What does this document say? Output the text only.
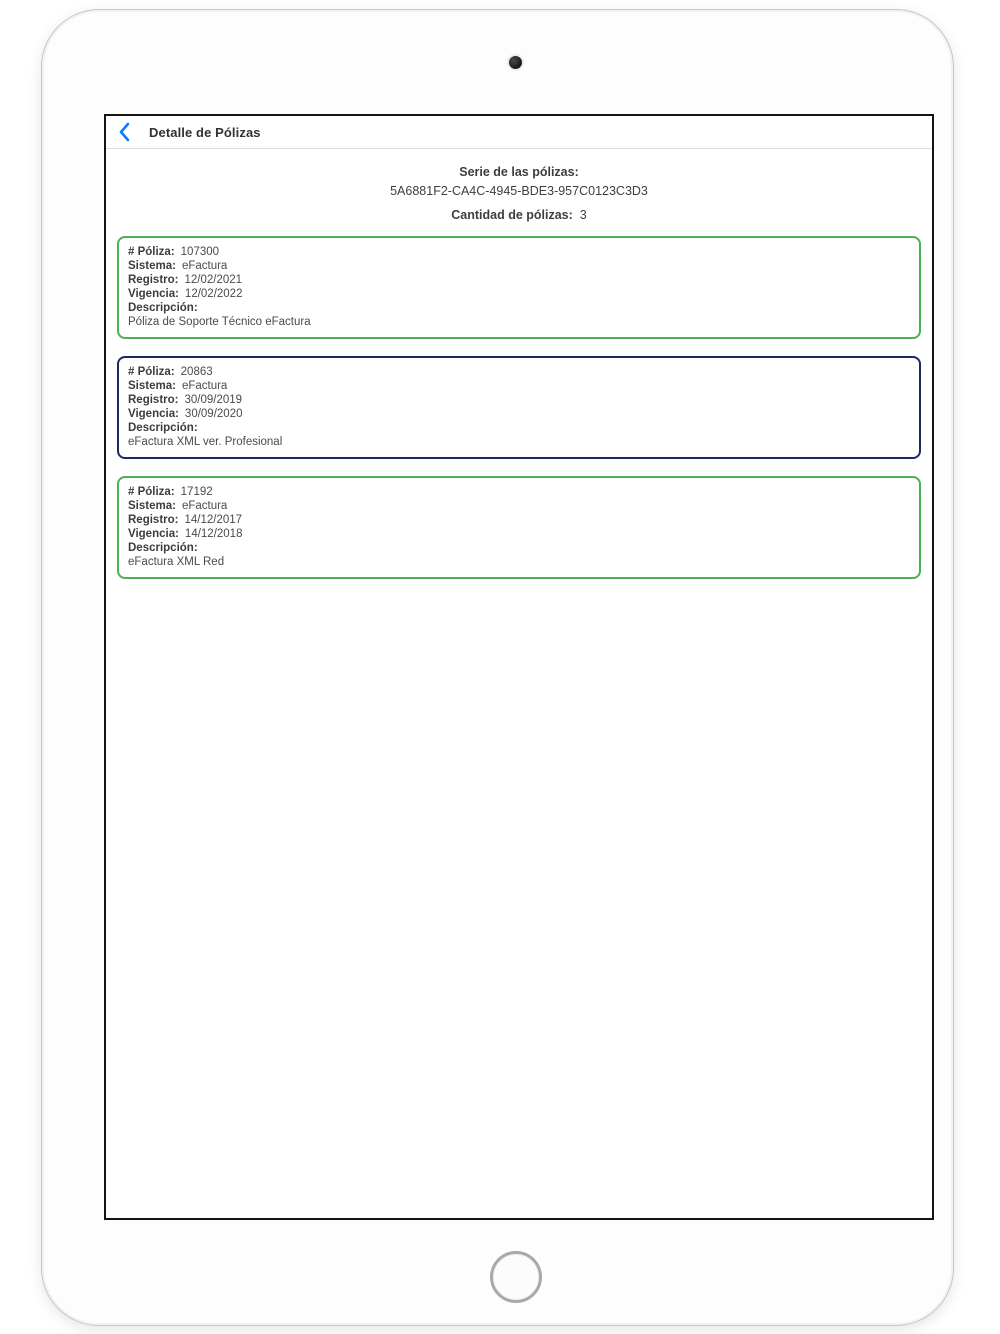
Detalle de Pólizas
Serie de las pólizas:
5A6881F2-CA4C-4945-BDE3-957C0123C3D3
Cantidad de pólizas: 3
# Póliza: 107300
Sistema: eFactura
Registro: 12/02/2021
Vigencia: 12/02/2022
Descripción:
Póliza de Soporte Técnico eFactura
# Póliza: 20863
Sistema: eFactura
Registro: 30/09/2019
Vigencia: 30/09/2020
Descripción:
eFactura XML ver. Profesional
# Póliza: 17192
Sistema: eFactura
Registro: 14/12/2017
Vigencia: 14/12/2018
Descripción:
eFactura XML Red
